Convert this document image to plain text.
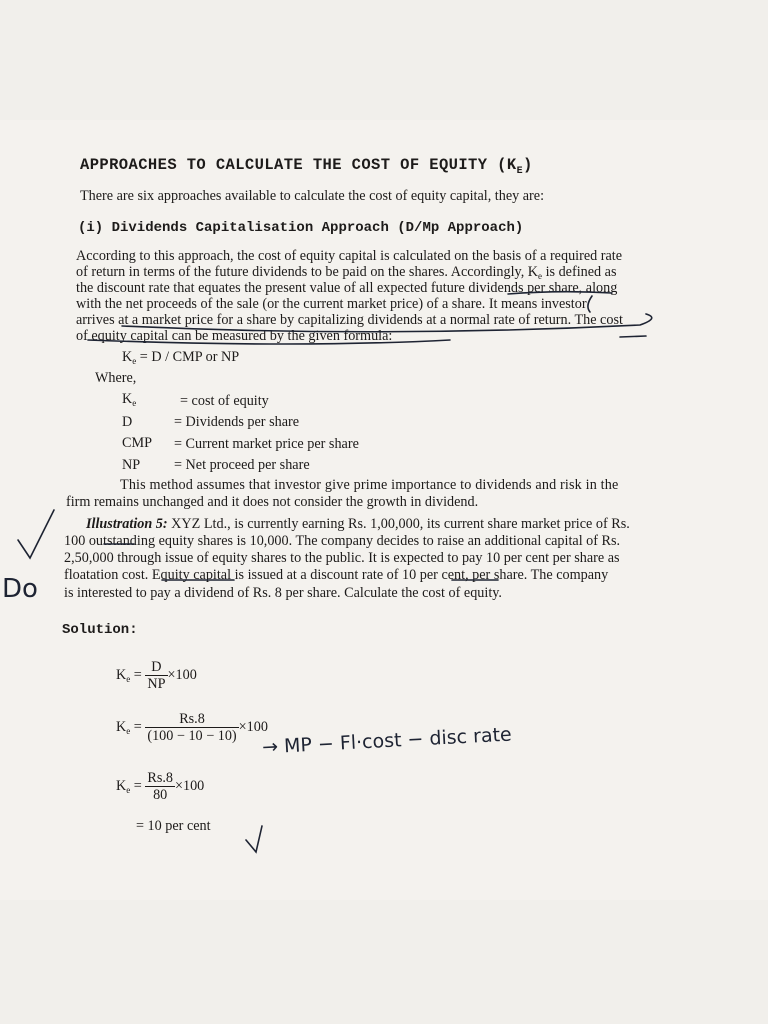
APPROACHES TO CALCULATE THE COST OF EQUITY $(K_E)$
There are six approaches available to calculate the cost of equity capital, they are:
(i) Dividends Capitalisation Approach (D/Mp Approach)
According to this approach, the cost of equity capital is calculated on the basis of a required rate
of return in terms of the future dividends to be paid on the shares. Accordingly, $K_e$ is defined as
the discount rate that equates the present value of all expected future dividends per share, along
with the net proceeds of the sale (or the current market price) of a share. It means investor
arrives at a market price for a share by capitalizing dividends at a normal rate of return. The cost
of equity capital can be measured by the given formula:
$K_e = D$ / CMP or NP
Where,
$K_e$	= cost of equity
D	= Dividends per share
CMP = Current market price per share
NP = Net proceed per share
This method assumes that investor give prime importance to dividends and risk in the
firm remains unchanged and it does not consider the growth in dividend.
Illustration 5: XYZ Ltd., is currently earning Rs. 1,00,000, its current share market price of Rs.
100 outstanding equity shares is 10,000. The company decides to raise an additional capital of Rs.
2,50,000 through issue of equity shares to the public. It is expected to pay 10 per cent per share as
floatation cost. Equity capital is issued at a discount rate of 10 per cent, per share. The company
is interested to pay a dividend of Rs. 8 per share. Calculate the cost of equity.
Solution:
$K_e = \frac{D}{NP} \times 100$
$K_e = \frac{Rs.8}{(100 - 10 - 10)} \times 100$
$K_e = \frac{Rs.8}{80} \times 100$
= 10 per cent
Do
→ MP − Fl·cost − disc rate
